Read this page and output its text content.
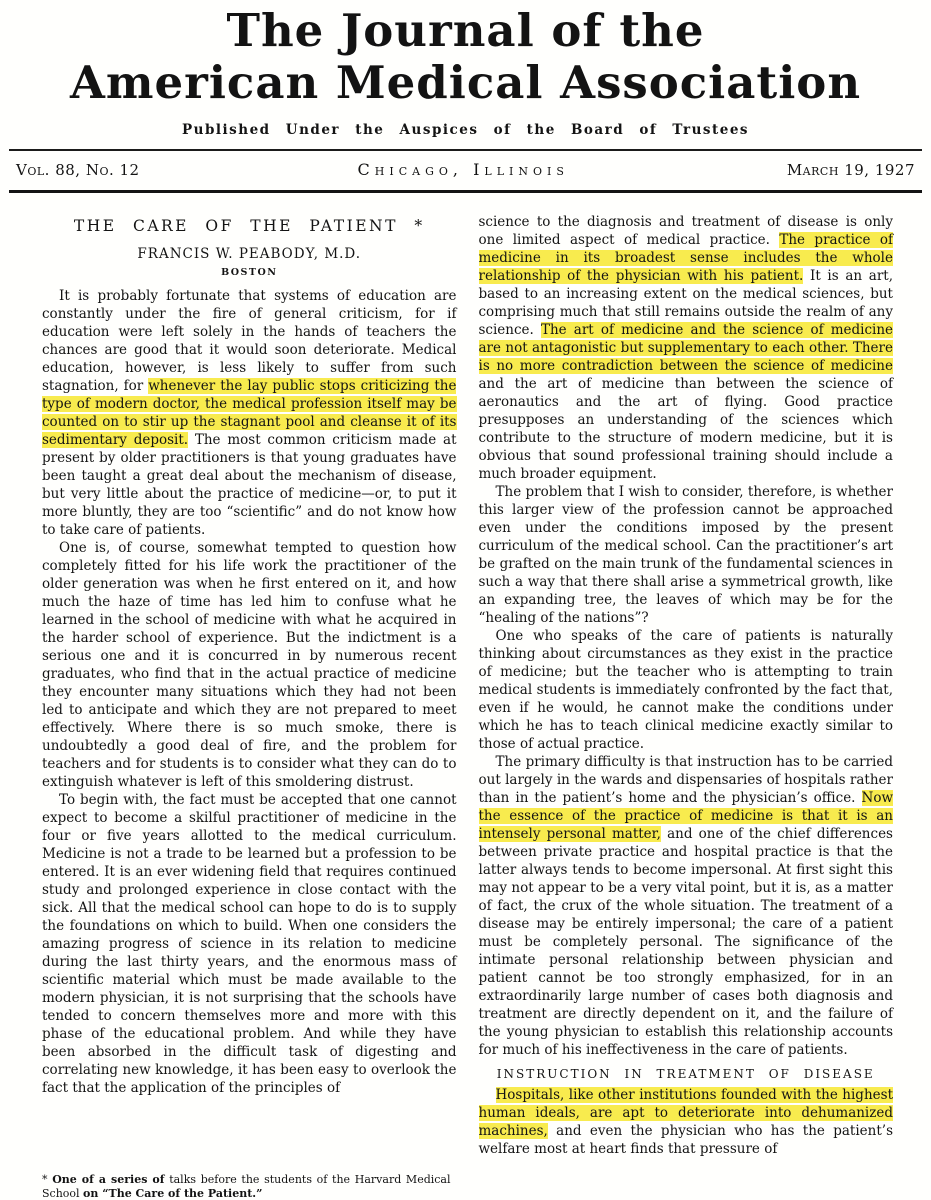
The Journal of the
American Medical Association
Published Under the Auspices of the Board of Trustees
Vol. 88, No. 12	Chicago, Illinois	March 19, 1927
THE CARE OF THE PATIENT *
FRANCIS W. PEABODY, M.D.
BOSTON

It is probably fortunate that systems of education are constantly under the fire of general criticism, for if education were left solely in the hands of teachers the chances are good that it would soon deteriorate. Medical education, however, is less likely to suffer from such stagnation, for whenever the lay public stops criticizing the type of modern doctor, the medical profession itself may be counted on to stir up the stagnant pool and cleanse it of its sedimentary deposit. The most common criticism made at present by older practitioners is that young graduates have been taught a great deal about the mechanism of disease, but very little about the practice of medicine—or, to put it more bluntly, they are too “scientific” and do not know how to take care of patients.

One is, of course, somewhat tempted to question how completely fitted for his life work the practitioner of the older generation was when he first entered on it, and how much the haze of time has led him to confuse what he learned in the school of medicine with what he acquired in the harder school of experience. But the indictment is a serious one and it is concurred in by numerous recent graduates, who find that in the actual practice of medicine they encounter many situations which they had not been led to anticipate and which they are not prepared to meet effectively. Where there is so much smoke, there is undoubtedly a good deal of fire, and the problem for teachers and for students is to consider what they can do to extinguish whatever is left of this smoldering distrust.

To begin with, the fact must be accepted that one cannot expect to become a skilful practitioner of medicine in the four or five years allotted to the medical curriculum. Medicine is not a trade to be learned but a profession to be entered. It is an ever widening field that requires continued study and prolonged experience in close contact with the sick. All that the medical school can hope to do is to supply the foundations on which to build. When one considers the amazing progress of science in its relation to medicine during the last thirty years, and the enormous mass of scientific material which must be made available to the modern physician, it is not surprising that the schools have tended to concern themselves more and more with this phase of the educational problem. And while they have been absorbed in the difficult task of digesting and correlating new knowledge, it has been easy to overlook the fact that the application of the principles of

* One of a series of talks before the students of the Harvard Medical School on “The Care of the Patient.”

science to the diagnosis and treatment of disease is only one limited aspect of medical practice. The practice of medicine in its broadest sense includes the whole relationship of the physician with his patient. It is an art, based to an increasing extent on the medical sciences, but comprising much that still remains outside the realm of any science. The art of medicine and the science of medicine are not antagonistic but supplementary to each other. There is no more contradiction between the science of medicine and the art of medicine than between the science of aeronautics and the art of flying. Good practice presupposes an understanding of the sciences which contribute to the structure of modern medicine, but it is obvious that sound professional training should include a much broader equipment.

The problem that I wish to consider, therefore, is whether this larger view of the profession cannot be approached even under the conditions imposed by the present curriculum of the medical school. Can the practitioner’s art be grafted on the main trunk of the fundamental sciences in such a way that there shall arise a symmetrical growth, like an expanding tree, the leaves of which may be for the “healing of the nations”?

One who speaks of the care of patients is naturally thinking about circumstances as they exist in the practice of medicine; but the teacher who is attempting to train medical students is immediately confronted by the fact that, even if he would, he cannot make the conditions under which he has to teach clinical medicine exactly similar to those of actual practice.

The primary difficulty is that instruction has to be carried out largely in the wards and dispensaries of hospitals rather than in the patient’s home and the physician’s office. Now the essence of the practice of medicine is that it is an intensely personal matter, and one of the chief differences between private practice and hospital practice is that the latter always tends to become impersonal. At first sight this may not appear to be a very vital point, but it is, as a matter of fact, the crux of the whole situation. The treatment of a disease may be entirely impersonal; the care of a patient must be completely personal. The significance of the intimate personal relationship between physician and patient cannot be too strongly emphasized, for in an extraordinarily large number of cases both diagnosis and treatment are directly dependent on it, and the failure of the young physician to establish this relationship accounts for much of his ineffectiveness in the care of patients.

INSTRUCTION IN TREATMENT OF DISEASE

Hospitals, like other institutions founded with the highest human ideals, are apt to deteriorate into dehumanized machines, and even the physician who has the patient’s welfare most at heart finds that pressure of
